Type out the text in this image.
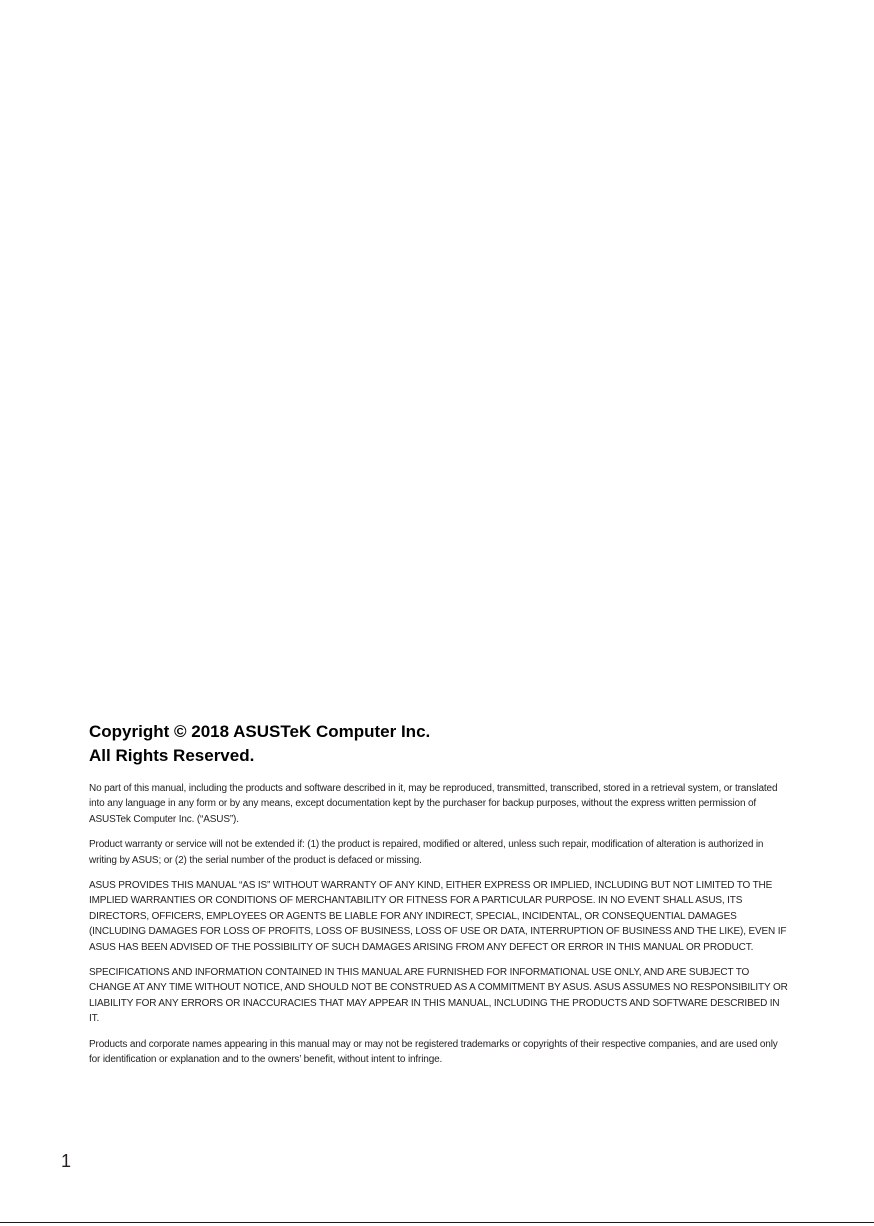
Copyright © 2018 ASUSTeK Computer Inc.

All Rights Reserved.

No part of this manual, including the products and software described in it, may be reproduced, transmitted, transcribed, stored in a retrieval system, or translated into any language in any form or by any means, except documentation kept by the purchaser for backup purposes, without the express written permission of ASUSTek Computer Inc. (“ASUS”).

Product warranty or service will not be extended if: (1) the product is repaired, modified or altered, unless such repair, modification of alteration is authorized in writing by ASUS; or (2) the serial number of the product is defaced or missing.

ASUS PROVIDES THIS MANUAL “AS IS” WITHOUT WARRANTY OF ANY KIND, EITHER EXPRESS OR IMPLIED, INCLUDING BUT NOT LIMITED TO THE IMPLIED WARRANTIES OR CONDITIONS OF MERCHANTABILITY OR FITNESS FOR A PARTICULAR PURPOSE. IN NO EVENT SHALL ASUS, ITS DIRECTORS, OFFICERS, EMPLOYEES OR AGENTS BE LIABLE FOR ANY INDIRECT, SPECIAL, INCIDENTAL, OR CONSEQUENTIAL DAMAGES (INCLUDING DAMAGES FOR LOSS OF PROFITS, LOSS OF BUSINESS, LOSS OF USE OR DATA, INTERRUPTION OF BUSINESS AND THE LIKE), EVEN IF ASUS HAS BEEN ADVISED OF THE POSSIBILITY OF SUCH DAMAGES ARISING FROM ANY DEFECT OR ERROR IN THIS MANUAL OR PRODUCT.

SPECIFICATIONS AND INFORMATION CONTAINED IN THIS MANUAL ARE FURNISHED FOR INFORMATIONAL USE ONLY, AND ARE SUBJECT TO CHANGE AT ANY TIME WITHOUT NOTICE, AND SHOULD NOT BE CONSTRUED AS A COMMITMENT BY ASUS. ASUS ASSUMES NO RESPONSIBILITY OR LIABILITY FOR ANY ERRORS OR INACCURACIES THAT MAY APPEAR IN THIS MANUAL, INCLUDING THE PRODUCTS AND SOFTWARE DESCRIBED IN IT.

Products and corporate names appearing in this manual may or may not be registered trademarks or copyrights of their respective companies, and are used only for identification or explanation and to the owners’ benefit, without intent to infringe.

1
